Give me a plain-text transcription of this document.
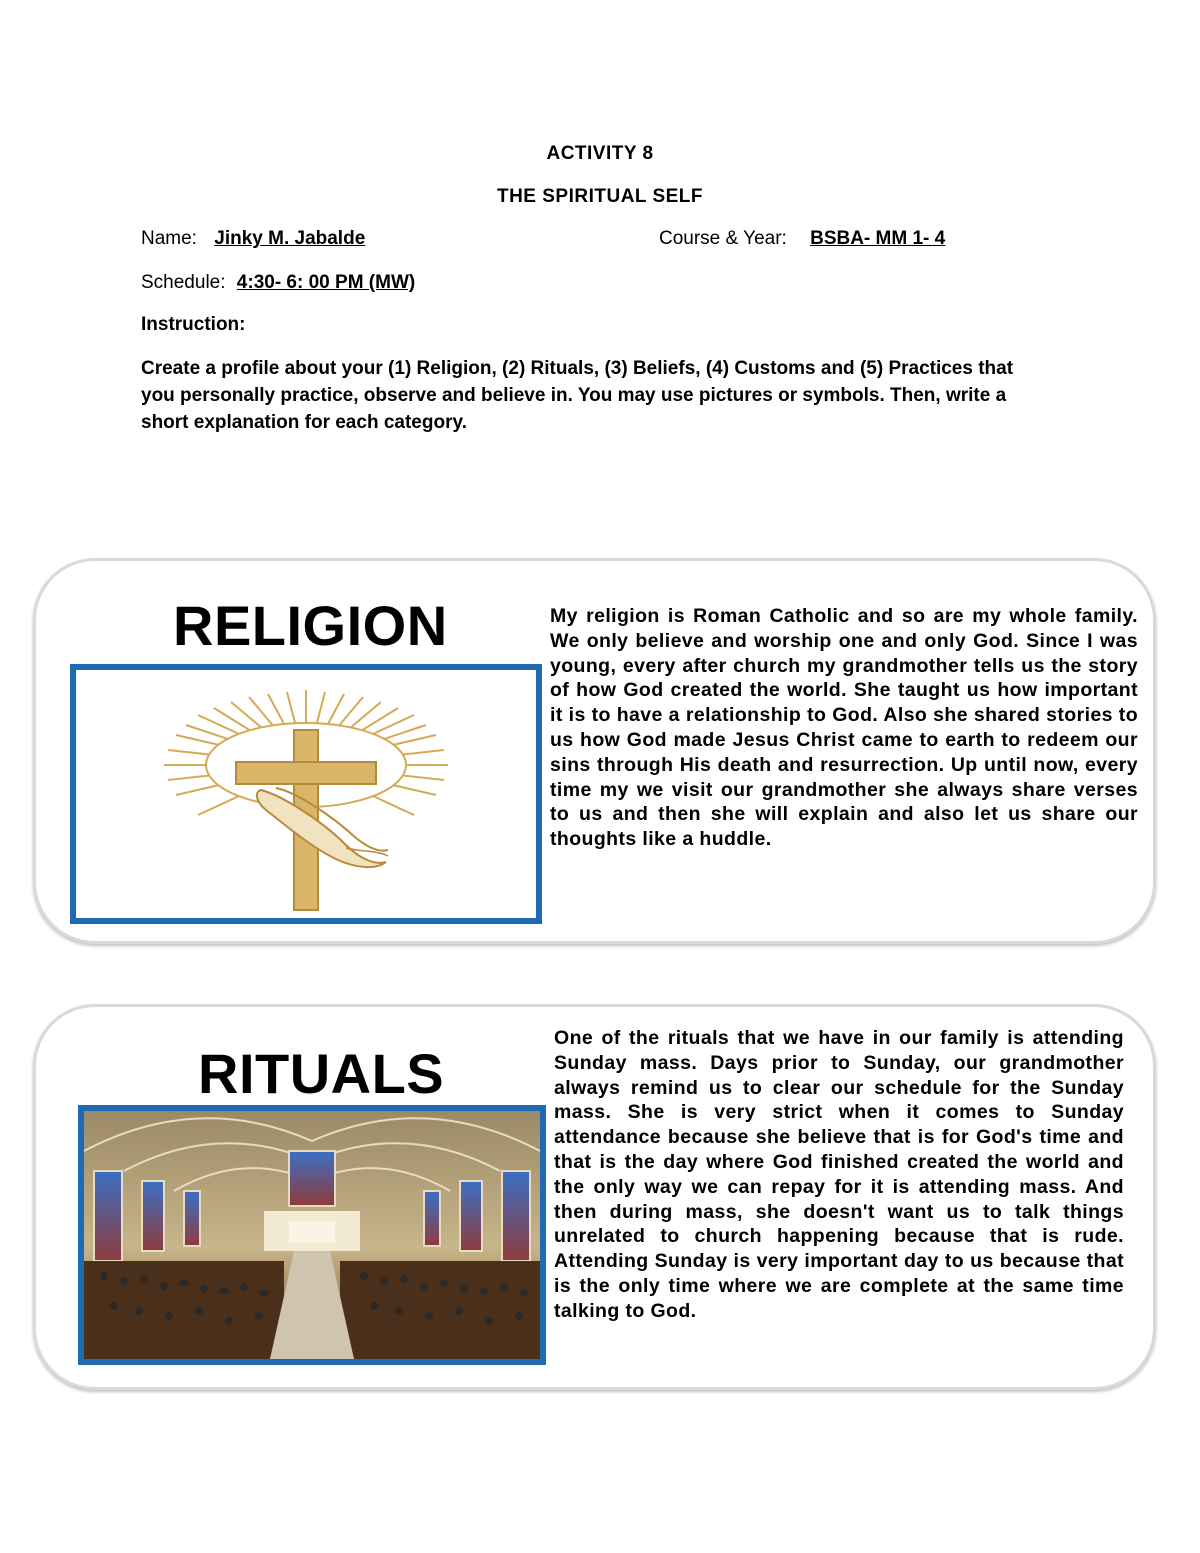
ACTIVITY 8
THE SPIRITUAL SELF
Name: Jinky M. Jabalde	Course & Year: BSBA- MM 1- 4
Schedule: 4:30- 6: 00 PM (MW)
Instruction:
Create a profile about your (1) Religion, (2) Rituals, (3) Beliefs, (4) Customs and (5) Practices that you personally practice, observe and believe in. You may use pictures or symbols. Then, write a short explanation for each category.
RELIGION	My religion is Roman Catholic and so are my whole family. We only believe and worship one and only God. Since I was young, every after church my grandmother tells us the story of how God created the world. She taught us how important it is to have a relationship to God. Also she shared stories to us how God made Jesus Christ came to earth to redeem our sins through His death and resurrection. Up until now, every time my we visit our grandmother she always share verses to us and then she will explain and also let us share our thoughts like a huddle.
RITUALS
One of the rituals that we have in our family is attending Sunday mass. Days prior to Sunday, our grandmother always remind us to clear our schedule for the Sunday mass. She is very strict when it comes to Sunday attendance because she believe that is for God's time and that is the day where God finished created the world and the only way we can repay for it is attending mass. And then during mass, she doesn't want us to talk things unrelated to church happening because that is rude. Attending Sunday is very important day to us because that is the only time where we are complete at the same time talking to God.
